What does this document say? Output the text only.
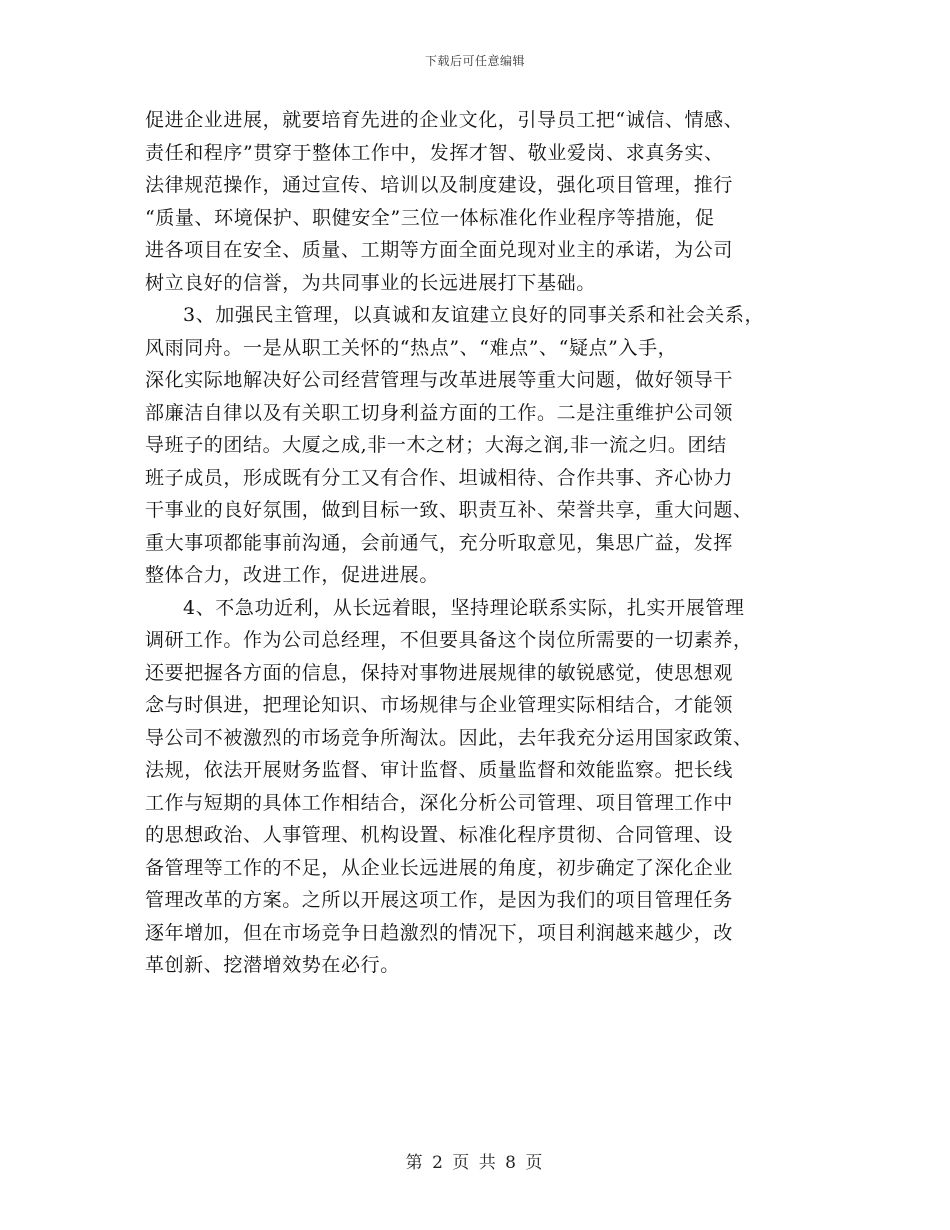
下载后可任意编辑
促进企业进展，就要培育先进的企业文化，引导员工把“诚信、情感、
责任和程序”贯穿于整体工作中，发挥才智、敬业爱岗、求真务实、
法律规范操作，通过宣传、培训以及制度建设，强化项目管理，推行
“质量、环境保护、职健安全”三位一体标准化作业程序等措施，促
进各项目在安全、质量、工期等方面全面兑现对业主的承诺，为公司
树立良好的信誉，为共同事业的长远进展打下基础。
3、加强民主管理，以真诚和友谊建立良好的同事关系和社会关系，
风雨同舟。一是从职工关怀的“热点”、“难点”、“疑点”入手，
深化实际地解决好公司经营管理与改革进展等重大问题，做好领导干
部廉洁自律以及有关职工切身利益方面的工作。二是注重维护公司领
导班子的团结。大厦之成,非一木之材；大海之润,非一流之归。团结
班子成员，形成既有分工又有合作、坦诚相待、合作共事、齐心协力
干事业的良好氛围，做到目标一致、职责互补、荣誉共享，重大问题、
重大事项都能事前沟通，会前通气，充分听取意见，集思广益，发挥
整体合力，改进工作，促进进展。
4、不急功近利，从长远着眼，坚持理论联系实际，扎实开展管理
调研工作。作为公司总经理，不但要具备这个岗位所需要的一切素养，
还要把握各方面的信息，保持对事物进展规律的敏锐感觉，使思想观
念与时俱进，把理论知识、市场规律与企业管理实际相结合，才能领
导公司不被激烈的市场竞争所淘汰。因此，去年我充分运用国家政策、
法规，依法开展财务监督、审计监督、质量监督和效能监察。把长线
工作与短期的具体工作相结合，深化分析公司管理、项目管理工作中
的思想政治、人事管理、机构设置、标准化程序贯彻、合同管理、设
备管理等工作的不足，从企业长远进展的角度，初步确定了深化企业
管理改革的方案。之所以开展这项工作，是因为我们的项目管理任务
逐年增加，但在市场竞争日趋激烈的情况下，项目利润越来越少，改
革创新、挖潜增效势在必行。
第 2 页 共 8 页
